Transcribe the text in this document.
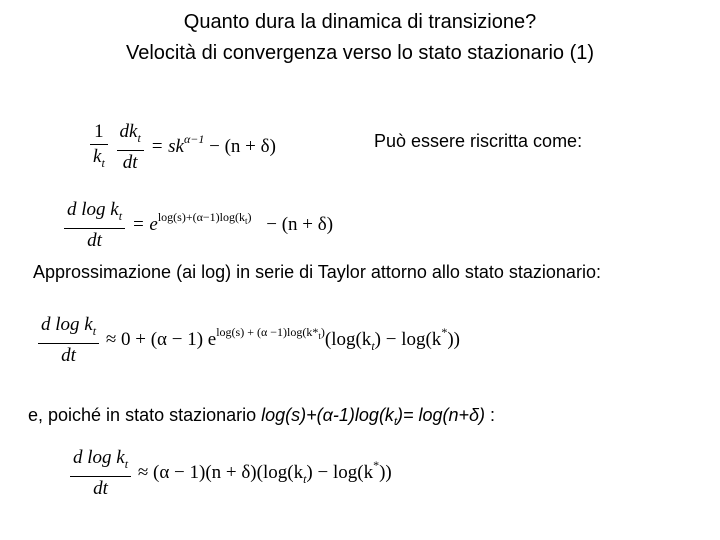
Quanto dura la dinamica di transizione?
Velocità di convergenza verso lo stato stazionario (1)
$\frac{1}{k_t}$
$\frac{dk_t}{dt} = sk^{\alpha-1} - (n + \delta)$	Può essere riscritta come:
$\frac{d \log k_t}{dt} = e^{log(s)+(\alpha-1)log(k_t)} - (n + \delta)$
Approssimazione (ai log) in serie di Taylor attorno allo stato stazionario:
$\frac{d \log k_t}{dt} \approx 0 + (\alpha - 1) e^{log(s) + (\alpha -1)log(k*_t)}(\log(k_t) - \log(k^*))$
e, poiché in stato stazionario $\log(s)+(\alpha-1)\log(k_t)= \log(n+\delta)$ :
$\frac{d \log k_t}{dt} \approx (\alpha - 1)(n + \delta)(\log(k_t) - \log(k^*))$
